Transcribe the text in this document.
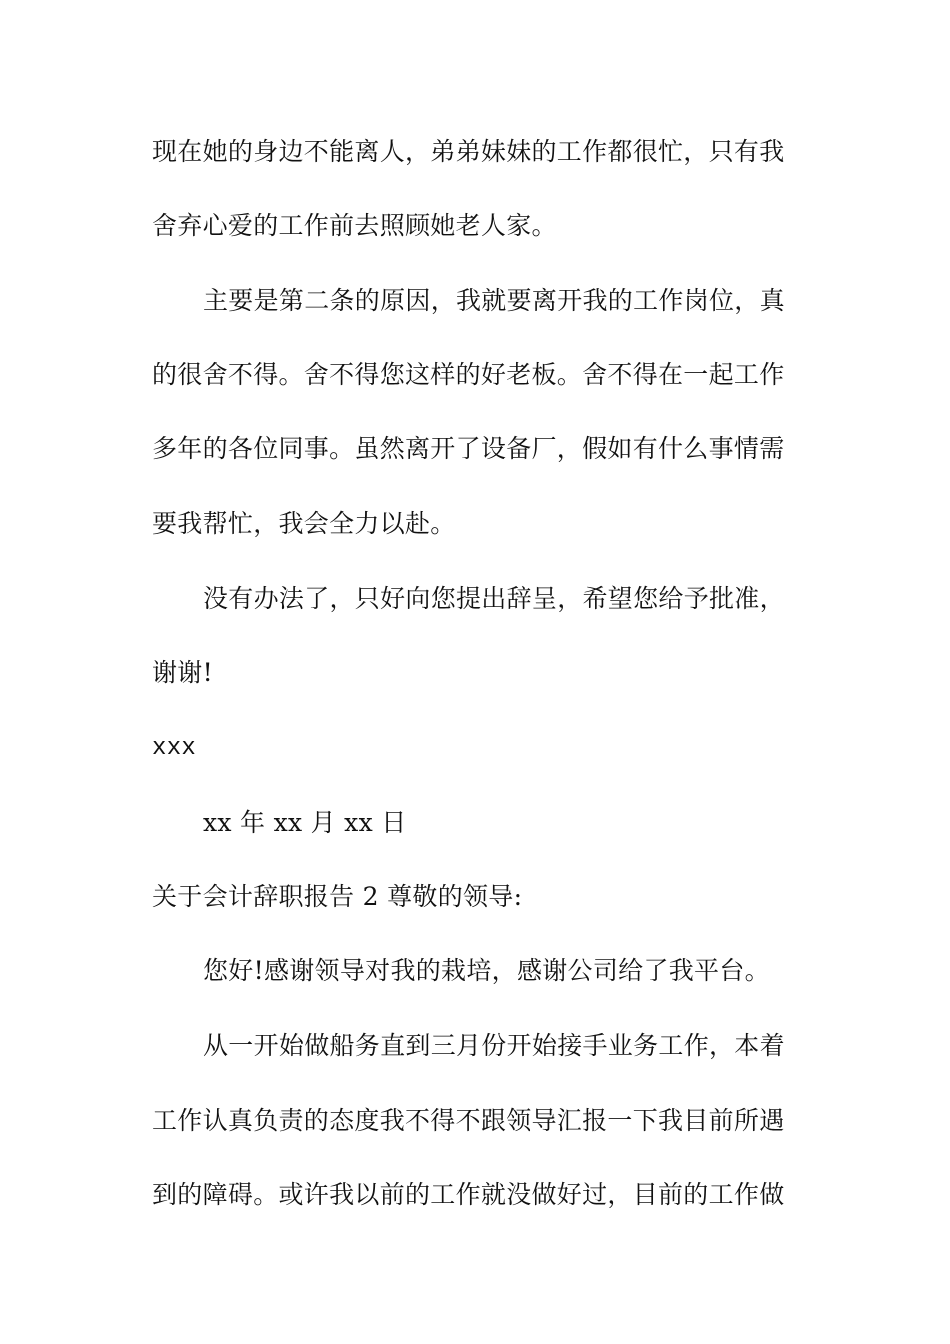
现在她的身边不能离人，弟弟妹妹的工作都很忙，只有我
舍弃心爱的工作前去照顾她老人家。
主要是第二条的原因，我就要离开我的工作岗位，真
的很舍不得。舍不得您这样的好老板。舍不得在一起工作
多年的各位同事。虽然离开了设备厂，假如有什么事情需
要我帮忙，我会全力以赴。
没有办法了，只好向您提出辞呈，希望您给予批准，
谢谢!
xxx
xx 年 xx 月 xx 日
关于会计辞职报告 2 尊敬的领导:
您好!感谢领导对我的栽培，感谢公司给了我平台。
从一开始做船务直到三月份开始接手业务工作，本着
工作认真负责的态度我不得不跟领导汇报一下我目前所遇
到的障碍。或许我以前的工作就没做好过，目前的工作做
